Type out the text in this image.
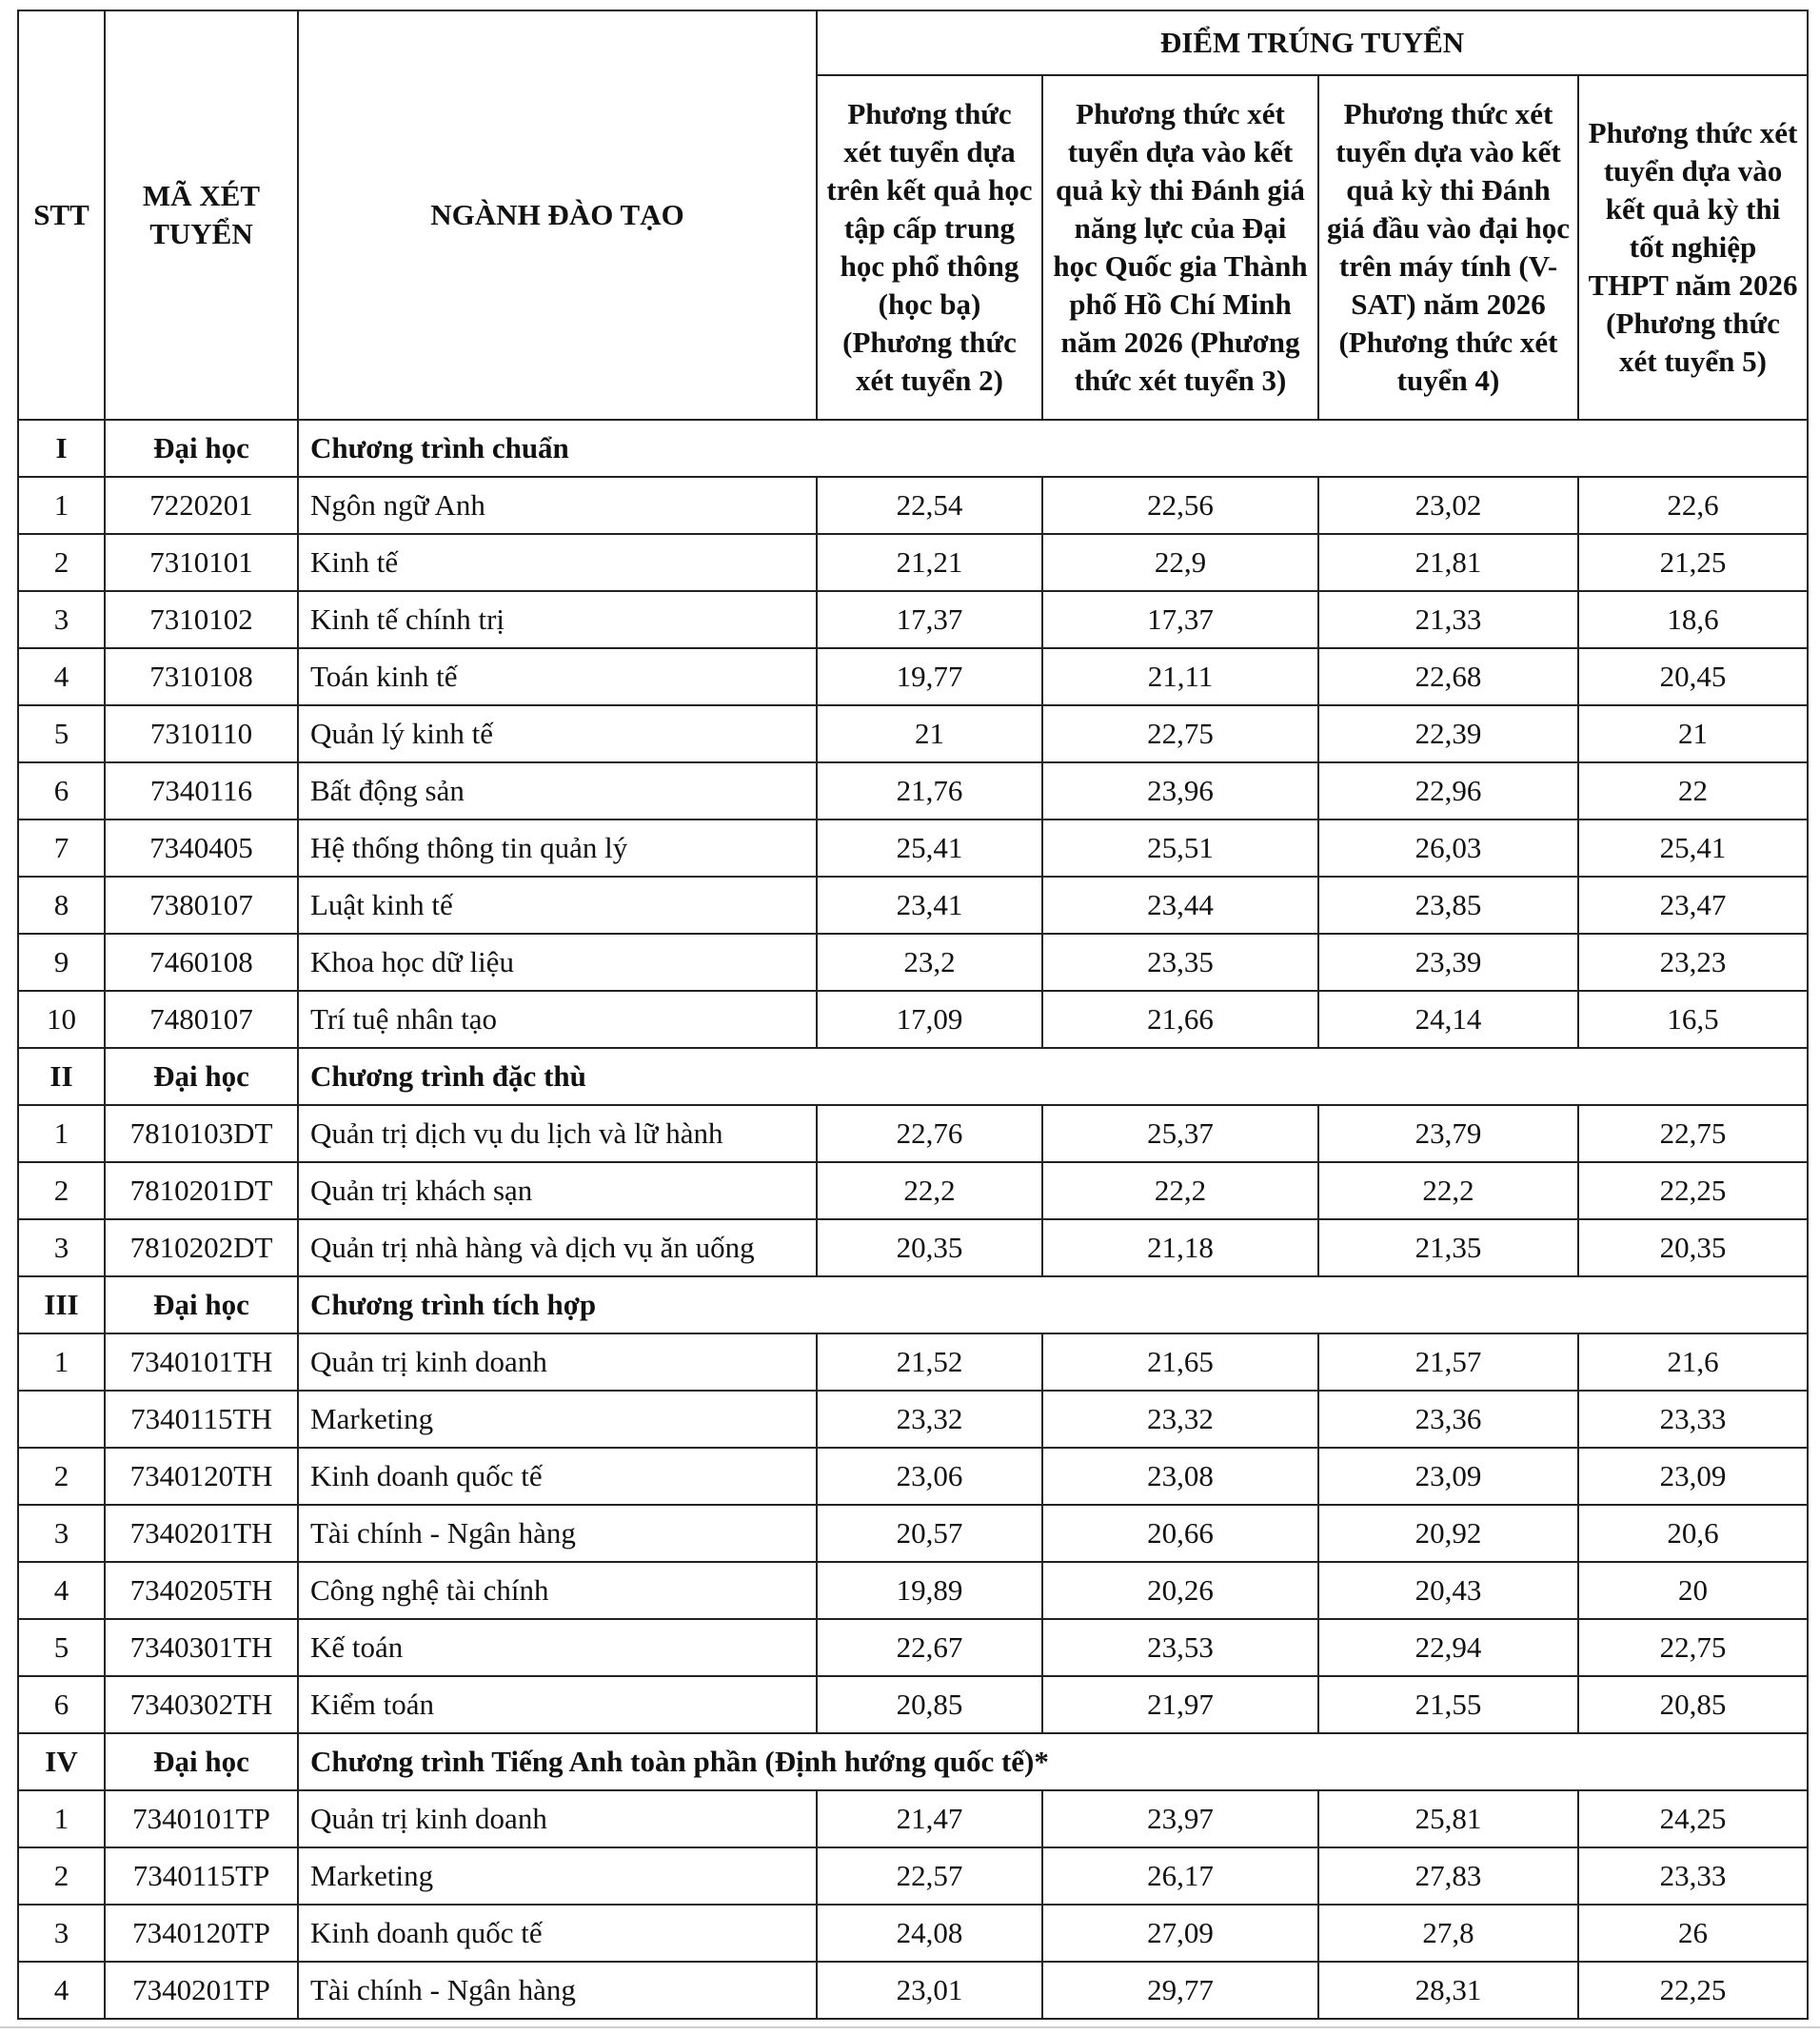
STT	MÃ XÉT TUYỂN	NGÀNH ĐÀO TẠO	ĐIỂM TRÚNG TUYỂN			
			Phương thức xét tuyển dựa trên kết quả học tập cấp trung học phổ thông (học bạ) (Phương thức xét tuyển 2)	Phương thức xét tuyển dựa vào kết quả kỳ thi Đánh giá năng lực của Đại học Quốc gia Thành phố Hồ Chí Minh năm 2026 (Phương thức xét tuyển 3)	Phương thức xét tuyển dựa vào kết quả kỳ thi Đánh giá đầu vào đại học trên máy tính (V-SAT) năm 2026 (Phương thức xét tuyển 4)	Phương thức xét tuyển dựa vào kết quả kỳ thi tốt nghiệp THPT năm 2026 (Phương thức xét tuyển 5)
I	Đại học	Chương trình chuẩn				
1	7220201	Ngôn ngữ Anh	22,54	22,56	23,02	22,6
2	7310101	Kinh tế	21,21	22,9	21,81	21,25
3	7310102	Kinh tế chính trị	17,37	17,37	21,33	18,6
4	7310108	Toán kinh tế	19,77	21,11	22,68	20,45
5	7310110	Quản lý kinh tế	21	22,75	22,39	21
6	7340116	Bất động sản	21,76	23,96	22,96	22
7	7340405	Hệ thống thông tin quản lý	25,41	25,51	26,03	25,41
8	7380107	Luật kinh tế	23,41	23,44	23,85	23,47
9	7460108	Khoa học dữ liệu	23,2	23,35	23,39	23,23
10	7480107	Trí tuệ nhân tạo	17,09	21,66	24,14	16,5
II	Đại học	Chương trình đặc thù				
1	7810103DT	Quản trị dịch vụ du lịch và lữ hành	22,76	25,37	23,79	22,75
2	7810201DT	Quản trị khách sạn	22,2	22,2	22,2	22,25
3	7810202DT	Quản trị nhà hàng và dịch vụ ăn uống	20,35	21,18	21,35	20,35
III	Đại học	Chương trình tích hợp				
1	7340101TH	Quản trị kinh doanh	21,52	21,65	21,57	21,6
	7340115TH	Marketing	23,32	23,32	23,36	23,33
2	7340120TH	Kinh doanh quốc tế	23,06	23,08	23,09	23,09
3	7340201TH	Tài chính - Ngân hàng	20,57	20,66	20,92	20,6
4	7340205TH	Công nghệ tài chính	19,89	20,26	20,43	20
5	7340301TH	Kế toán	22,67	23,53	22,94	22,75
6	7340302TH	Kiểm toán	20,85	21,97	21,55	20,85
IV	Đại học	Chương trình Tiếng Anh toàn phần (Định hướng quốc tế)*				
1	7340101TP	Quản trị kinh doanh	21,47	23,97	25,81	24,25
2	7340115TP	Marketing	22,57	26,17	27,83	23,33
3	7340120TP	Kinh doanh quốc tế	24,08	27,09	27,8	26
4	7340201TP	Tài chính - Ngân hàng	23,01	29,77	28,31	22,25
